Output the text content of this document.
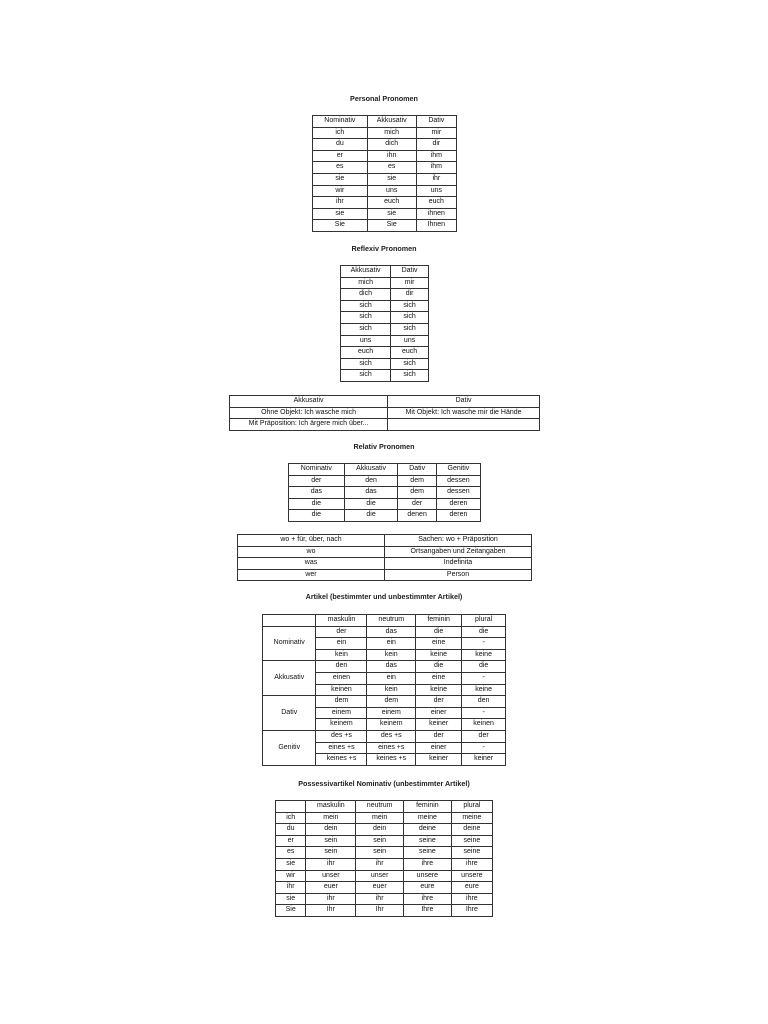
Personal Pronomen
Nominativ	Akkusativ	Dativ
ich	mich	mir
du	dich	dir
er	ihn	ihm
es	es	ihm
sie	sie	ihr
wir	uns	uns
ihr	euch	euch
sie	sie	ihnen
Sie	Sie	Ihnen
Reflexiv Pronomen
Akkusativ	Dativ
mich	mir
dich	dir
sich	sich
sich	sich
sich	sich
uns	uns
euch	euch
sich	sich
sich	sich
Akkusativ	Dativ
Ohne Objekt: Ich wasche mich	Mit Objekt: Ich wasche mir die Hände
Mit Präposition: Ich ärgere mich über...	
Relativ Pronomen
Nominativ	Akkusativ	Dativ	Genitiv
der	den	dem	dessen
das	das	dem	dessen
die	die	der	deren
die	die	denen	deren
wo + für, über, nach	Sachen: wo + Präposition
wo	Ortsangaben und Zeitangaben
was	Indefinita
wer	Person
Artikel (bestimmter und unbestimmter Artikel)
	maskulin	neutrum	feminin	plural
Nominativ	der	das	die	die
	ein	ein	eine	-
	kein	kein	keine	keine
Akkusativ	den	das	die	die
	einen	ein	eine	-
	keinen	kein	keine	keine
Dativ	dem	dem	der	den
	einem	einem	einer	-
	keinem	keinem	keiner	keinen
Genitiv	des +s	des +s	der	der
	eines +s	eines +s	einer	-
	keines +s	keines +s	keiner	keiner
Possessivartikel Nominativ (unbestimmter Artikel)
	maskulin	neutrum	feminin	plural
ich	mein	mein	meine	meine
du	dein	dein	deine	deine
er	sein	sein	seine	seine
es	sein	sein	seine	seine
sie	ihr	ihr	ihre	ihre
wir	unser	unser	unsere	unsere
ihr	euer	euer	eure	eure
sie	ihr	ihr	ihre	ihre
Sie	Ihr	Ihr	Ihre	Ihre
